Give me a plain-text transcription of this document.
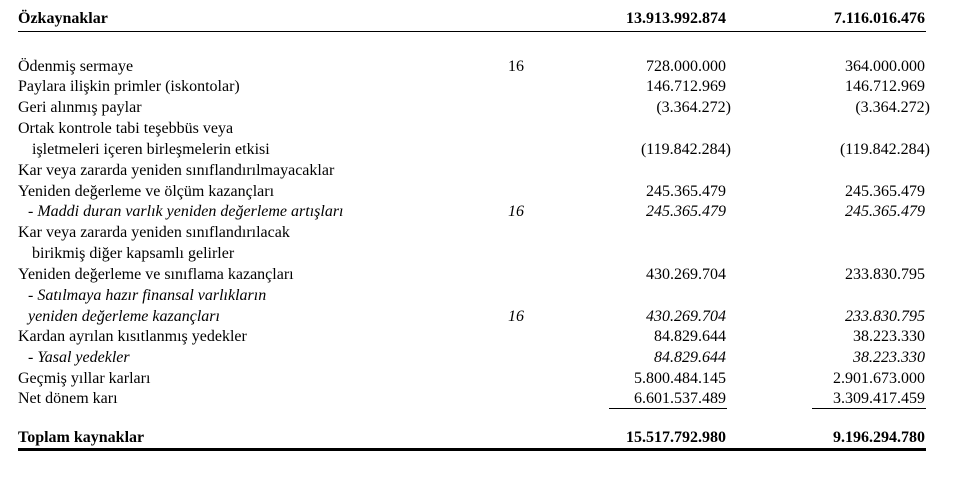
Özkaynaklar	13.913.992.874	7.116.016.476
Ödenmiş sermaye	16	728.000.000	364.000.000
Paylara ilişkin primler (iskontolar)	146.712.969	146.712.969
Geri alınmış paylar	(3.364.272)	(3.364.272)
Ortak kontrole tabi teşebbüs veya
işletmeleri içeren birleşmelerin etkisi	(119.842.284)	(119.842.284)
Kar veya zararda yeniden sınıflandırılmayacaklar
Yeniden değerleme ve ölçüm kazançları	245.365.479	245.365.479
- Maddi duran varlık yeniden değerleme artışları	16	245.365.479	245.365.479
Kar veya zararda yeniden sınıflandırılacak
birikmiş diğer kapsamlı gelirler
Yeniden değerleme ve sınıflama kazançları	430.269.704	233.830.795
- Satılmaya hazır finansal varlıkların
yeniden değerleme kazançları	16	430.269.704	233.830.795
Kardan ayrılan kısıtlanmış yedekler	84.829.644	38.223.330
- Yasal yedekler	84.829.644	38.223.330
Geçmiş yıllar karları	5.800.484.145	2.901.673.000
Net dönem karı	6.601.537.489	3.309.417.459
Toplam kaynaklar	15.517.792.980	9.196.294.780
